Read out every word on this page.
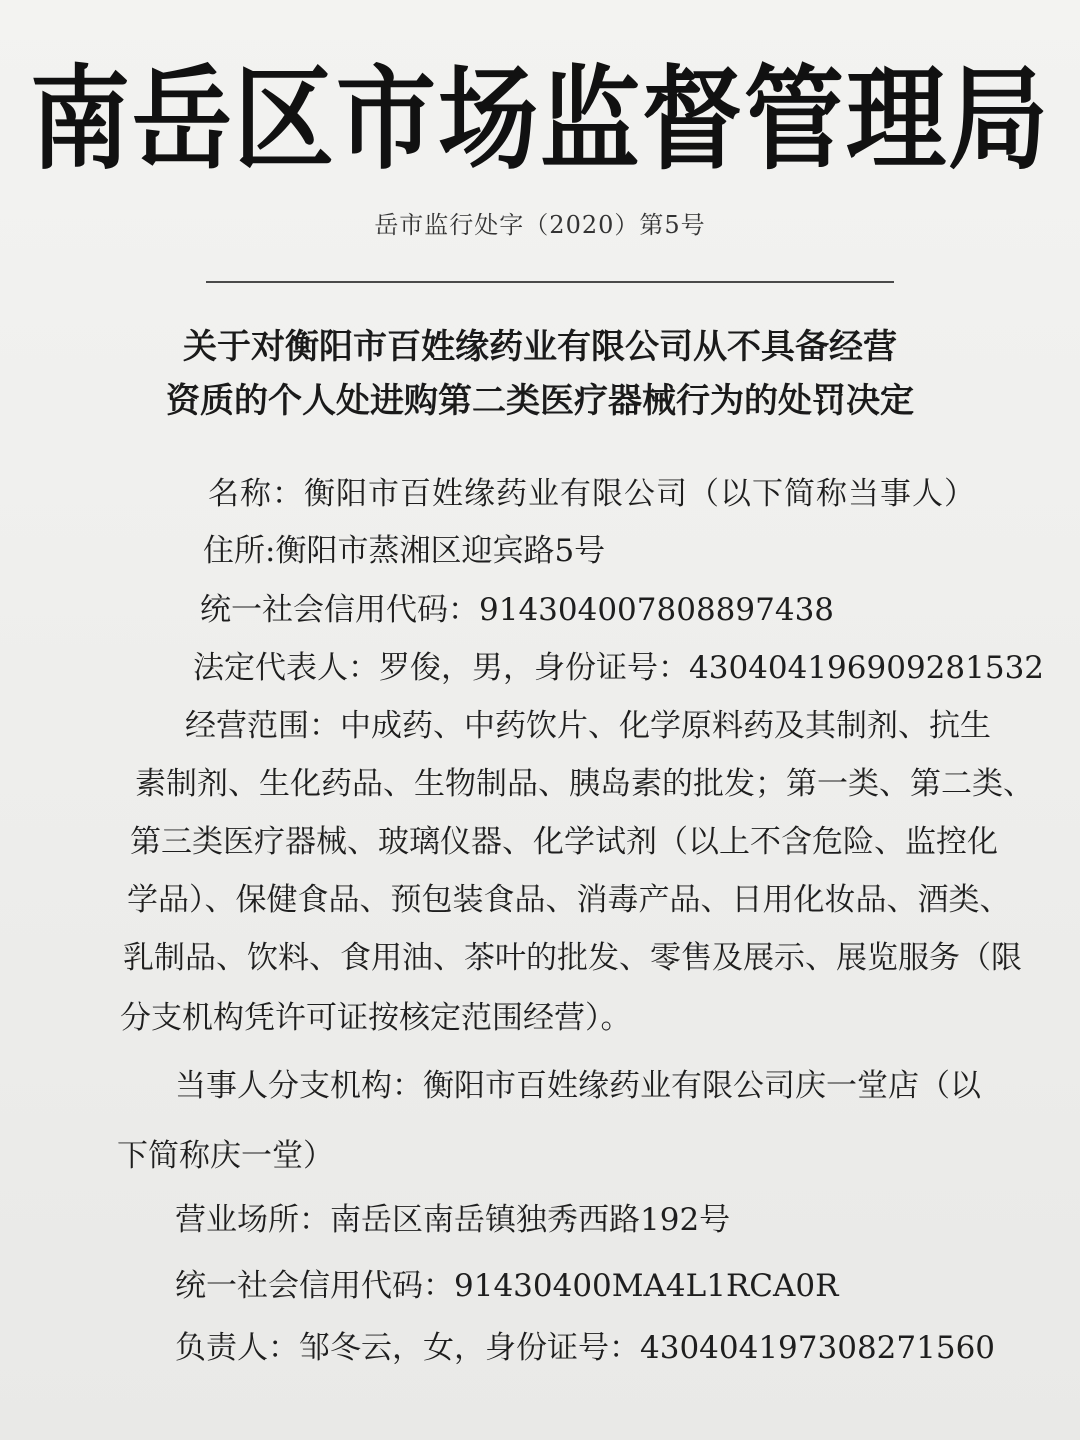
南岳区市场监督管理局
岳市监行处字（2020）第5号
关于对衡阳市百姓缘药业有限公司从不具备经营
资质的个人处进购第二类医疗器械行为的处罚决定
名称：衡阳市百姓缘药业有限公司（以下简称当事人）
住所:衡阳市蒸湘区迎宾路5号
统一社会信用代码：914304007808897438
法定代表人：罗俊，男，身份证号：430404196909281532
经营范围：中成药、中药饮片、化学原料药及其制剂、抗生
素制剂、生化药品、生物制品、胰岛素的批发；第一类、第二类、
第三类医疗器械、玻璃仪器、化学试剂（以上不含危险、监控化
学品）、保健食品、预包装食品、消毒产品、日用化妆品、酒类、
乳制品、饮料、食用油、茶叶的批发、零售及展示、展览服务（限
分支机构凭许可证按核定范围经营）。
当事人分支机构：衡阳市百姓缘药业有限公司庆一堂店（以
下简称庆一堂）
营业场所：南岳区南岳镇独秀西路192号
统一社会信用代码：91430400MA4L1RCA0R
负责人：邹冬云，女，身份证号：430404197308271560
